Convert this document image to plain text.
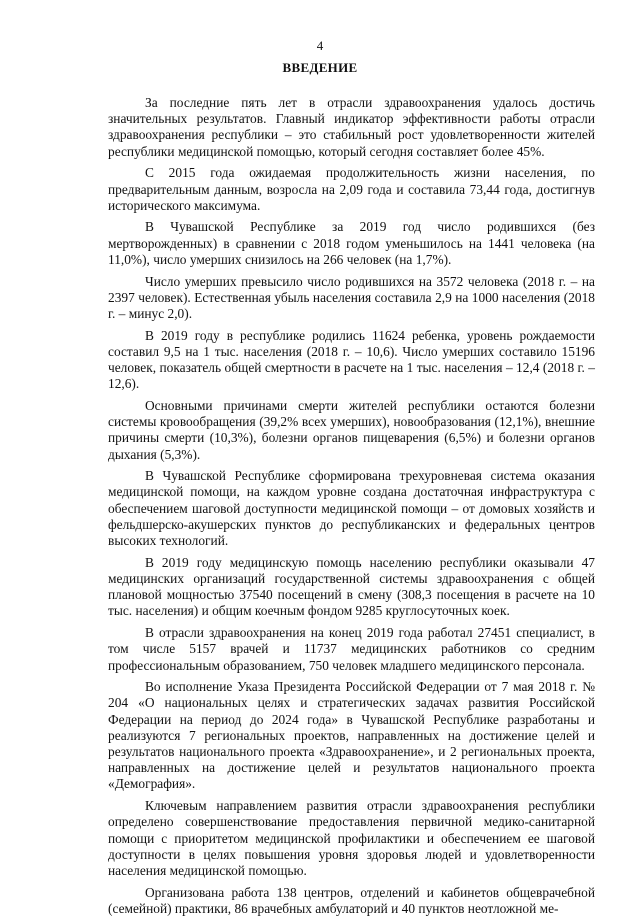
4
ВВЕДЕНИЕ

За последние пять лет в отрасли здравоохранения удалось достичь значительных результатов. Главный индикатор эффективности работы отрасли здравоохранения республики – это стабильный рост удовлетворенности жителей республики медицинской помощью, который сегодня составляет более 45%.

С 2015 года ожидаемая продолжительность жизни населения, по предварительным данным, возросла на 2,09 года и составила 73,44 года, достигнув исторического максимума.

В Чувашской Республике за 2019 год число родившихся (без мертворожденных) в сравнении с 2018 годом уменьшилось на 1441 человека (на 11,0%), число умерших снизилось на 266 человек (на 1,7%).

Число умерших превысило число родившихся на 3572 человека (2018 г. – на 2397 человек). Естественная убыль населения составила 2,9 на 1000 населения (2018 г. – минус 2,0).

В 2019 году в республике родились 11624 ребенка, уровень рождаемости составил 9,5 на 1 тыс. населения (2018 г. – 10,6). Число умерших составило 15196 человек, показатель общей смертности в расчете на 1 тыс. населения – 12,4 (2018 г. – 12,6).

Основными причинами смерти жителей республики остаются болезни системы кровообращения (39,2% всех умерших), новообразования (12,1%), внешние причины смерти (10,3%), болезни органов пищеварения (6,5%) и болезни органов дыхания (5,3%).

В Чувашской Республике сформирована трехуровневая система оказания медицинской помощи, на каждом уровне создана достаточная инфраструктура с обеспечением шаговой доступности медицинской помощи – от домовых хозяйств и фельдшерско-акушерских пунктов до республиканских и федеральных центров высоких технологий.

В 2019 году медицинскую помощь населению республики оказывали 47 медицинских организаций государственной системы здравоохранения с общей плановой мощностью 37540 посещений в смену (308,3 посещения в расчете на 10 тыс. населения) и общим коечным фондом 9285 круглосуточных коек.

В отрасли здравоохранения на конец 2019 года работал 27451 специалист, в том числе 5157 врачей и 11737 медицинских работников со средним профессиональным образованием, 750 человек младшего медицинского персонала.

Во исполнение Указа Президента Российской Федерации от 7 мая 2018 г. № 204 «О национальных целях и стратегических задачах развития Российской Федерации на период до 2024 года» в Чувашской Республике разработаны и реализуются 7 региональных проектов, направленных на достижение целей и результатов национального проекта «Здравоохранение», и 2 региональных проекта, направленных на достижение целей и результатов национального проекта «Демография».

Ключевым направлением развития отрасли здравоохранения республики определено совершенствование предоставления первичной медико-санитарной помощи с приоритетом медицинской профилактики и обеспечением ее шаговой доступности в целях повышения уровня здоровья людей и удовлетворенности населения медицинской помощью.

Организована работа 138 центров, отделений и кабинетов общеврачебной (семейной) практики, 86 врачебных амбулаторий и 40 пунктов неотложной ме-
